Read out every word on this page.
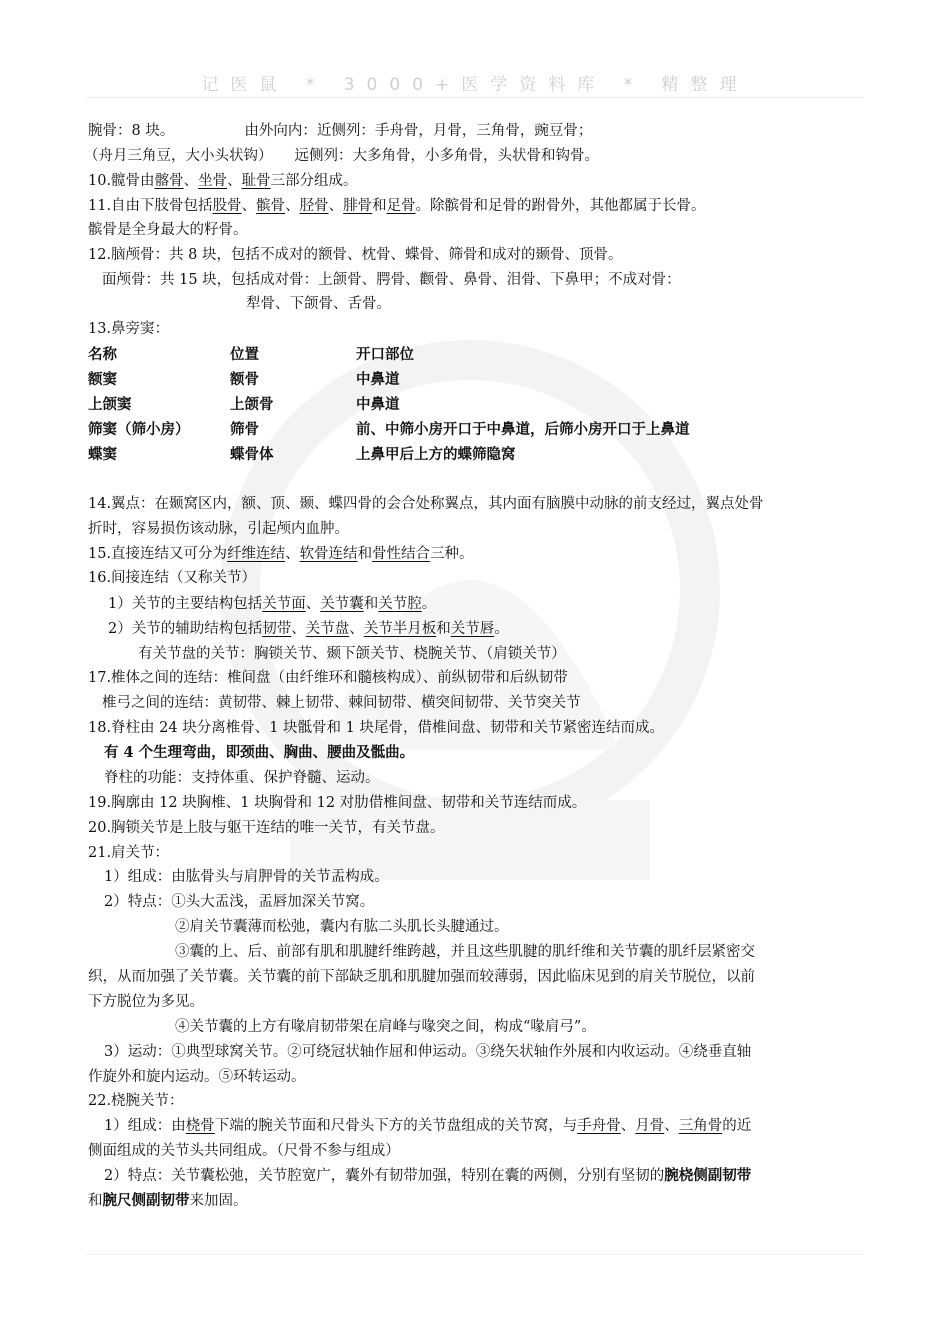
记医鼠 * 3000+医学资料库 * 精整理
腕骨：8 块。	由外向内：近侧列：手舟骨，月骨，三角骨，豌豆骨；
（舟月三角豆，大小头状钩） 远侧列：大多角骨，小多角骨，头状骨和钩骨。
10.髋骨由髂骨、坐骨、耻骨三部分组成。
11.自由下肢骨包括股骨、髌骨、胫骨、腓骨和足骨。除髌骨和足骨的跗骨外，其他都属于长骨。
髌骨是全身最大的籽骨。
12.脑颅骨：共 8 块，包括不成对的额骨、枕骨、蝶骨、筛骨和成对的颞骨、顶骨。
面颅骨：共 15 块，包括成对骨：上颌骨、腭骨、颧骨、鼻骨、泪骨、下鼻甲；不成对骨：
犁骨、下颌骨、舌骨。
13.鼻旁窦：
名称	位置	开口部位
额窦	额骨	中鼻道
上颌窦	上颌骨	中鼻道
筛窦（筛小房）	筛骨	前、中筛小房开口于中鼻道，后筛小房开口于上鼻道
蝶窦	蝶骨体	上鼻甲后上方的蝶筛隐窝
14.翼点：在颞窝区内，额、顶、颞、蝶四骨的会合处称翼点，其内面有脑膜中动脉的前支经过，翼点处骨
折时，容易损伤该动脉，引起颅内血肿。
15.直接连结又可分为纤维连结、软骨连结和骨性结合三种。
16.间接连结（又称关节）
1）关节的主要结构包括关节面、关节囊和关节腔。
2）关节的辅助结构包括韧带、关节盘、关节半月板和关节唇。
有关节盘的关节：胸锁关节、颞下颌关节、桡腕关节、（肩锁关节）
17.椎体之间的连结：椎间盘（由纤维环和髓核构成）、前纵韧带和后纵韧带
椎弓之间的连结：黄韧带、棘上韧带、棘间韧带、横突间韧带、关节突关节
18.脊柱由 24 块分离椎骨、1 块骶骨和 1 块尾骨，借椎间盘、韧带和关节紧密连结而成。
有 4 个生理弯曲，即颈曲、胸曲、腰曲及骶曲。
脊柱的功能：支持体重、保护脊髓、运动。
19.胸廓由 12 块胸椎、1 块胸骨和 12 对肋借椎间盘、韧带和关节连结而成。
20.胸锁关节是上肢与躯干连结的唯一关节，有关节盘。
21.肩关节：
1）组成：由肱骨头与肩胛骨的关节盂构成。
2）特点：①头大盂浅，盂唇加深关节窝。
②肩关节囊薄而松弛，囊内有肱二头肌长头腱通过。
③囊的上、后、前部有肌和肌腱纤维跨越，并且这些肌腱的肌纤维和关节囊的肌纤层紧密交
织，从而加强了关节囊。关节囊的前下部缺乏肌和肌腱加强而较薄弱，因此临床见到的肩关节脱位，以前
下方脱位为多见。
④关节囊的上方有喙肩韧带架在肩峰与喙突之间，构成“喙肩弓”。
3）运动：①典型球窝关节。②可绕冠状轴作屈和伸运动。③绕矢状轴作外展和内收运动。④绕垂直轴
作旋外和旋内运动。⑤环转运动。
22.桡腕关节：
1）组成：由桡骨下端的腕关节面和尺骨头下方的关节盘组成的关节窝，与手舟骨、月骨、三角骨的近
侧面组成的关节头共同组成。（尺骨不参与组成）
2）特点：关节囊松弛，关节腔宽广，囊外有韧带加强，特别在囊的两侧，分别有坚韧的腕桡侧副韧带
和腕尺侧副韧带来加固。
